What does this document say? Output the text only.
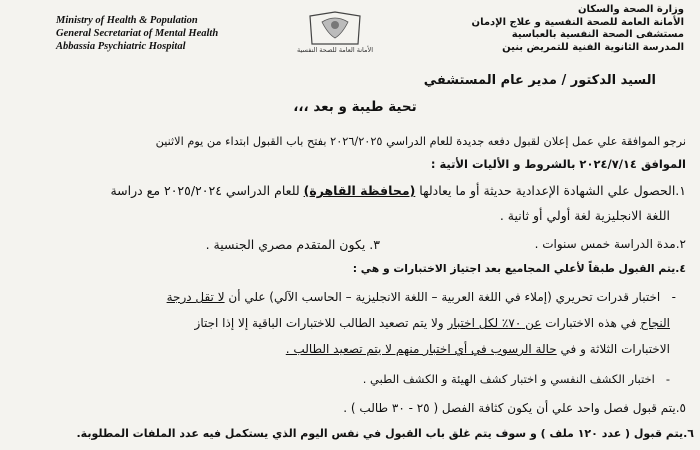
Ministry of Health & Population
General Secretariat of Mental Health
Abbassia Psychiatric Hospital	الأمانة العامة للصحة النفسية
وزارة الصحة والسكان
الأمانة العامة للصحة النفسية و علاج الإدمان
مستشفى الصحة النفسية بالعباسية
المدرسة الثانوية الفنية للتمريض بنين
السيد الدكتور / مدير عام المستشفي
تحية طيبة و بعد ،،،
نرجو الموافقة علي عمل إعلان لقبول دفعه جديدة للعام الدراسي ٢٠٢٦/٢٠٢٥ بفتح باب القبول ابتداء من يوم الاثنين
الموافق ٢٠٢٤/٧/١٤ بالشروط و الأليات الأتية :
١.الحصول علي الشهادة الإعدادية حديثة أو ما يعادلها (محافظة القاهرة) للعام الدراسي ٢٠٢٥/٢٠٢٤ مع دراسة
اللغة الانجليزية لغة أولي أو ثانية .
٢.مدة الدراسة خمس سنوات .
٣. يكون المتقدم مصري الجنسية .
٤.يتم القبول طبقاً لأعلي المجاميع بعد اجتياز الاختبارات و هي :
-   اختبار قدرات تحريري (إملاء في اللغة العربية – اللغة الانجليزية – الحاسب الآلي) علي أن لا تقل درجة
النجاح في هذه الاختبارات عن ٧٠٪ لكل اختبار ولا يتم تصعيد الطالب للاختبارات الباقية إلا إذا اجتاز
الاختبارات الثلاثة و في حالة الرسوب في أي اختبار منهم لا يتم تصعيد الطالب .
-   اختبار الكشف النفسي و اختبار كشف الهيئة و الكشف الطبي .
٥.يتم قبول فصل واحد علي أن يكون كثافة الفصل ( ٢٥ - ٣٠ طالب ) .
٦.يتم قبول ( عدد ١٢٠ ملف ) و سوف يتم غلق باب القبول في نفس اليوم الذي يستكمل فيه عدد الملفات المطلوبة.
